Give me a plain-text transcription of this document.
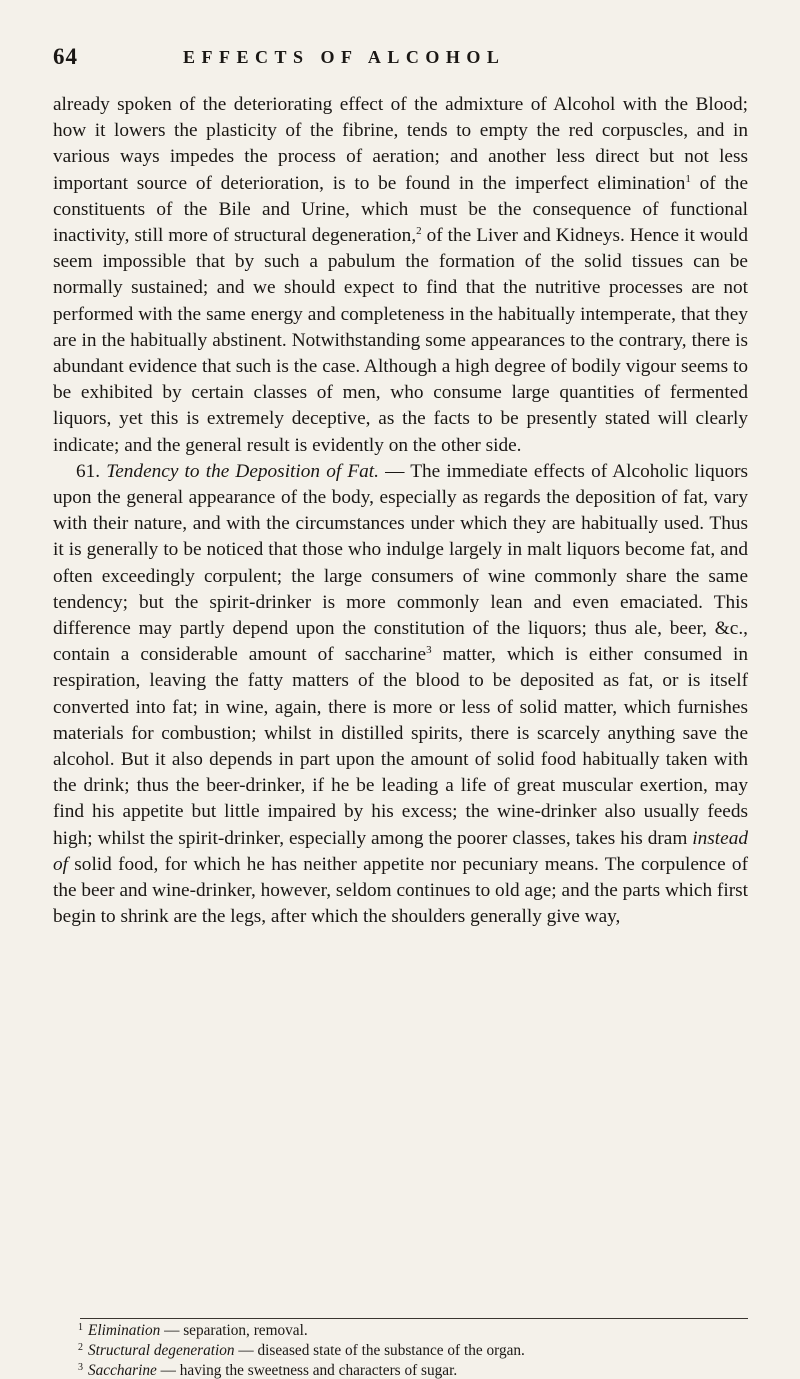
64	EFFECTS OF ALCOHOL

already spoken of the deteriorating effect of the admixture of Alcohol with the Blood; how it lowers the plasticity of the fibrine, tends to empty the red corpuscles, and in various ways impedes the process of aeration; and another less direct but not less important source of deterioration, is to be found in the imperfect elimination$^1$ of the constituents of the Bile and Urine, which must be the consequence of functional inactivity, still more of structural degeneration,$^2$ of the Liver and Kidneys. Hence it would seem impossible that by such a pabulum the formation of the solid tissues can be normally sustained; and we should expect to find that the nutritive processes are not performed with the same energy and completeness in the habitually intemperate, that they are in the habitually abstinent. Notwithstanding some appearances to the contrary, there is abundant evidence that such is the case. Although a high degree of bodily vigour seems to be exhibited by certain classes of men, who consume large quantities of fermented liquors, yet this is extremely deceptive, as the facts to be presently stated will clearly indicate; and the general result is evidently on the other side.

61. Tendency to the Deposition of Fat. — The immediate effects of Alcoholic liquors upon the general appearance of the body, especially as regards the deposition of fat, vary with their nature, and with the circumstances under which they are habitually used. Thus it is generally to be noticed that those who indulge largely in malt liquors become fat, and often exceedingly corpulent; the large consumers of wine commonly share the same tendency; but the spirit-drinker is more commonly lean and even emaciated. This difference may partly depend upon the constitution of the liquors; thus ale, beer, &c., contain a considerable amount of saccharine$^3$ matter, which is either consumed in respiration, leaving the fatty matters of the blood to be deposited as fat, or is itself converted into fat; in wine, again, there is more or less of solid matter, which furnishes materials for combustion; whilst in distilled spirits, there is scarcely anything save the alcohol. But it also depends in part upon the amount of solid food habitually taken with the drink; thus the beer-drinker, if he be leading a life of great muscular exertion, may find his appetite but little impaired by his excess; the wine-drinker also usually feeds high; whilst the spirit-drinker, especially among the poorer classes, takes his dram instead of solid food, for which he has neither appetite nor pecuniary means. The corpulence of the beer and wine-drinker, however, seldom continues to old age; and the parts which first begin to shrink are the legs, after which the shoulders generally give way,

$^1$ Elimination — separation, removal.
$^2$ Structural degeneration — diseased state of the substance of the organ.
$^3$ Saccharine — having the sweetness and characters of sugar.
